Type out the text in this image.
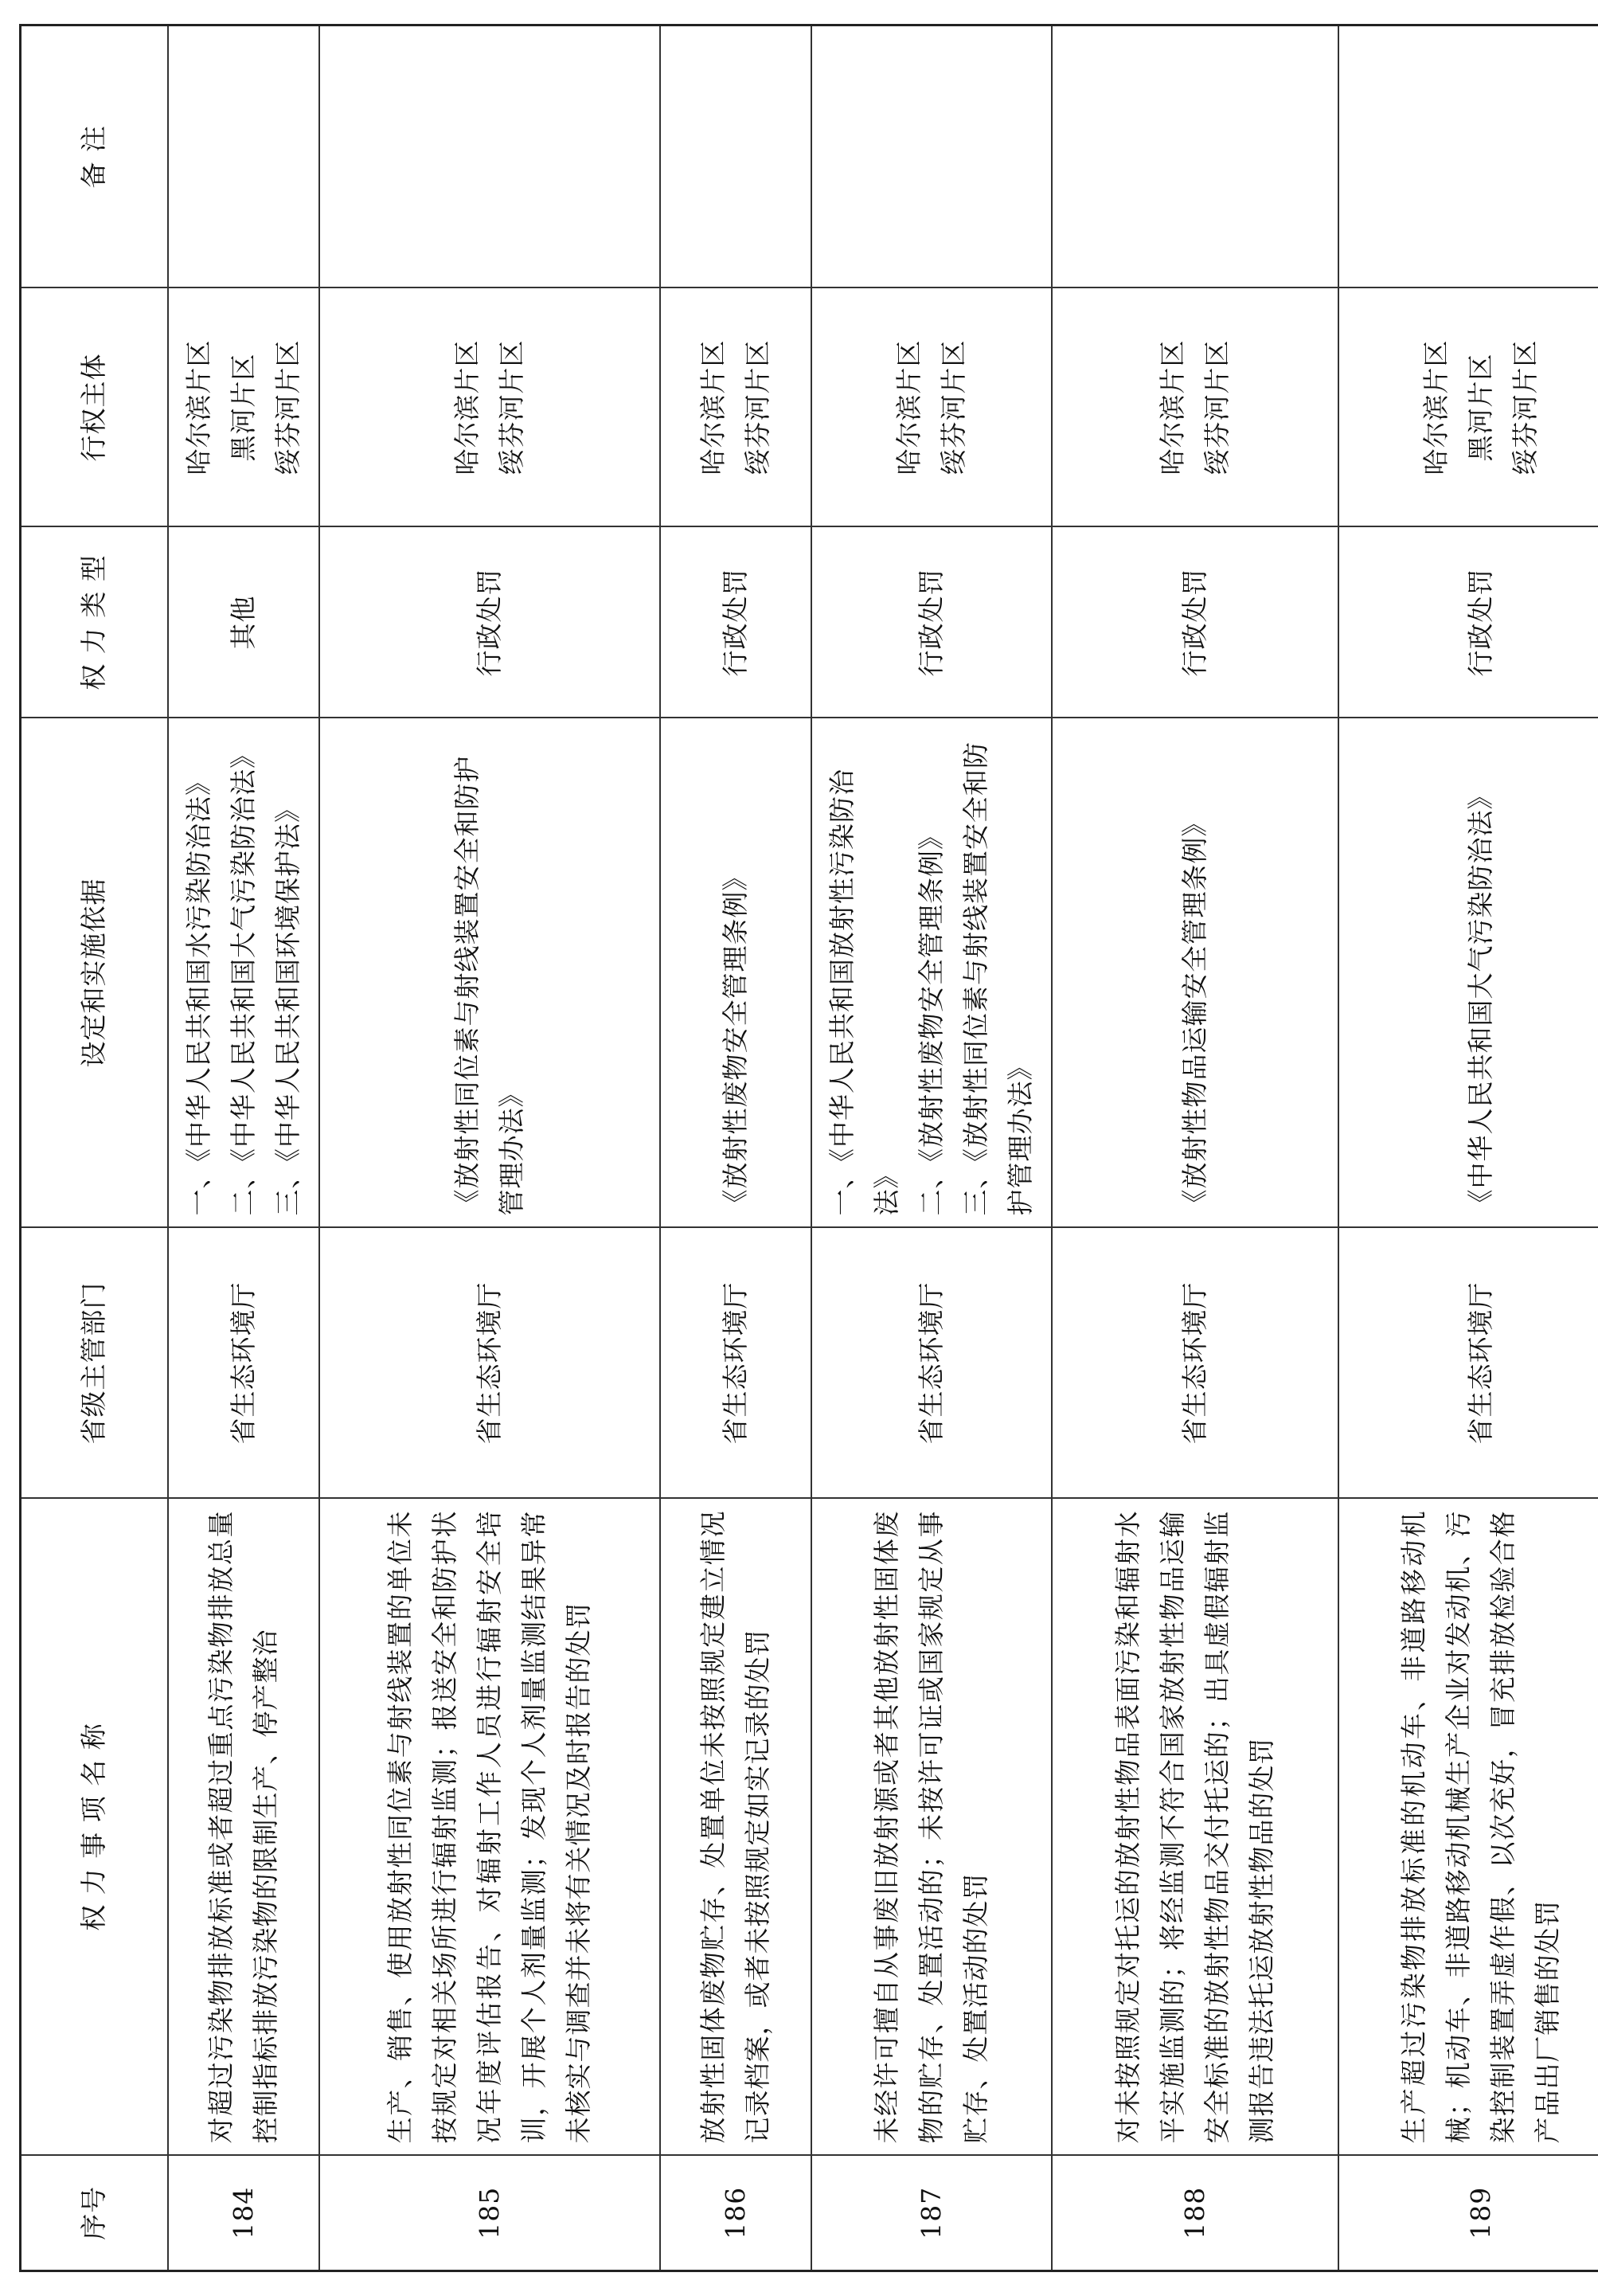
序号	权 力 事 项 名 称	省级主管部门	设定和实施依据	权 力 类 型	行权主体	备 注
184	对超过污染物排放标准或者超过重点污染物排放总量控制指标排放污染物的限制生产、停产整治	省生态环境厅	一、《中华人民共和国水污染防治法》 二、《中华人民共和国大气污染防治法》 三、《中华人民共和国环境保护法》	其他	哈尔滨片区 黑河片区 绥芬河片区	

185	生产、销售、使用放射性同位素与射线装置的单位未按规定对相关场所进行辐射监测；报送安全和防护状况年度评估报告、对辐射工作人员进行辐射安全培训，开展个人剂量监测；发现个人剂量监测结果异常未核实与调查并未将有关情况及时报告的处罚	省生态环境厅	《放射性同位素与射线装置安全和防护管理办法》	行政处罚	哈尔滨片区 绥芬河片区	

186	放射性固体废物贮存、处置单位未按照规定建立情况记录档案，或者未按照规定如实记录的处罚	省生态环境厅	《放射性废物安全管理条例》	行政处罚	哈尔滨片区 绥芬河片区	

187	未经许可擅自从事废旧放射源或者其他放射性固体废物的贮存、处置活动的；未按许可证或国家规定从事贮存、处置活动的处罚	省生态环境厅	一、《中华人民共和国放射性污染防治法》 二、《放射性废物安全管理条例》 三、《放射性同位素与射线装置安全和防护管理办法》	行政处罚	哈尔滨片区 绥芬河片区	

188	对未按照规定对托运的放射性物品表面污染和辐射水平实施监测的；将经监测不符合国家放射性物品运输安全标准的放射性物品交付托运的；出具虚假辐射监测报告违法托运放射性物品的处罚	省生态环境厅	《放射性物品运输安全管理条例》	行政处罚	哈尔滨片区 绥芬河片区	

189	生产超过污染物排放标准的机动车、非道路移动机械；机动车、非道路移动机械生产企业对发动机、污染控制装置弄虚作假、以次充好，冒充排放检验合格产品出厂销售的处罚	省生态环境厅	《中华人民共和国大气污染防治法》	行政处罚	哈尔滨片区 黑河片区 绥芬河片区	
